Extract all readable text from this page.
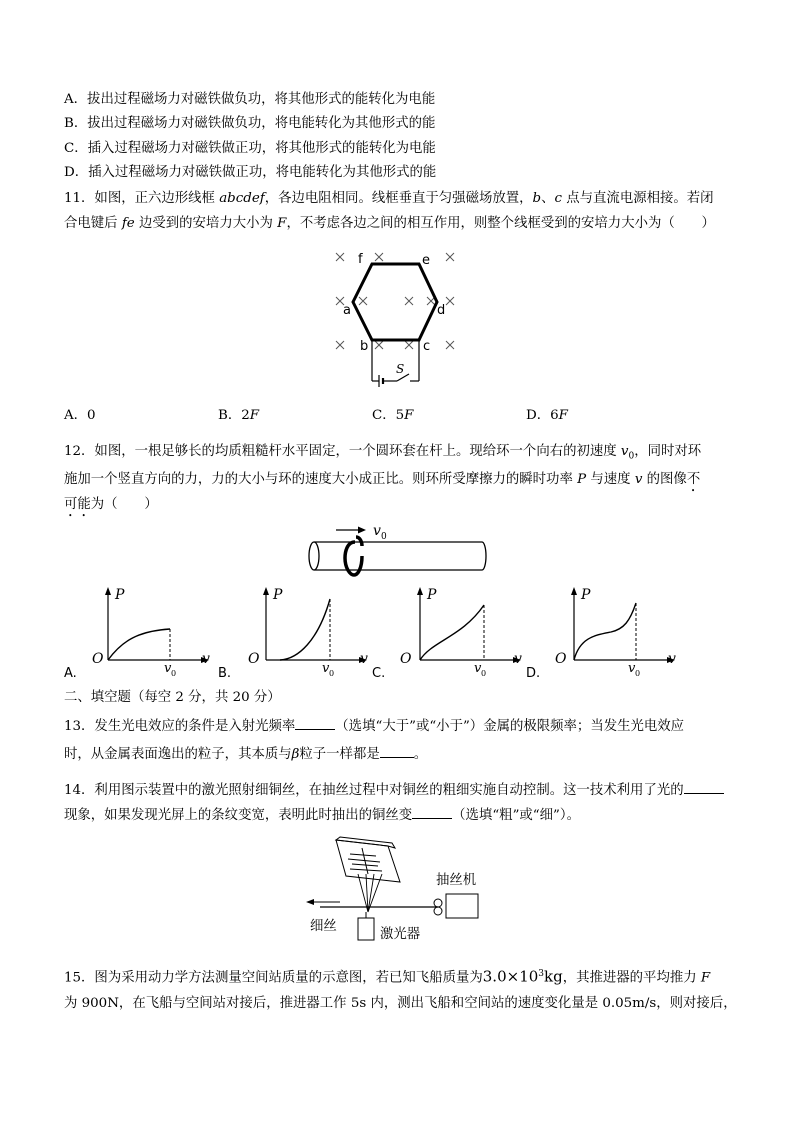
A．拔出过程磁场力对磁铁做负功，将其他形式的能转化为电能
B．拔出过程磁场力对磁铁做负功，将电能转化为其他形式的能
C．插入过程磁场力对磁铁做正功，将其他形式的能转化为电能
D．插入过程磁场力对磁铁做正功，将电能转化为其他形式的能
11．如图，正六边形线框 abcdef，各边电阻相同。线框垂直于匀强磁场放置，b、c 点与直流电源相接。若闭
合电键后 fe 边受到的安培力大小为 F，不考虑各边之间的相互作用，则整个线框受到的安培力大小为（　　）
f	e
a	d
b	c
S
A．0	B．2F	C．5F	D．6F
12．如图，一根足够长的均质粗糙杆水平固定，一个圆环套在杆上。现给环一个向右的初速度 $v_0$，同时对环
施加一个竖直方向的力，力的大小与环的速度大小成正比。则环所受摩擦力的瞬时功率 P 与速度 v 的图像不
可能为（　　）
v 0
P
v
O
v 0
A.
P
v
O
v 0
B.
P
v
O
v 0
C.
P
v
O
v 0
D.
二、填空题（每空 2 分，共 20 分）
13．发生光电效应的条件是入射光频率	（选填“大于”或“小于”）金属的极限频率；当发生光电效应
时，从金属表面逸出的粒子，其本质与β粒子一样都是	。
14．利用图示装置中的激光照射细铜丝，在抽丝过程中对铜丝的粗细实施自动控制。这一技术利用了光的
现象，如果发现光屏上的条纹变宽，表明此时抽出的铜丝变	（选填“粗”或“细”）。
抽丝机
细丝
激光器
15．图为采用动力学方法测量空间站质量的示意图，若已知飞船质量为$3.0\times 10^3kg$，其推进器的平均推力 F
为 900N，在飞船与空间站对接后，推进器工作 5s 内，测出飞船和空间站的速度变化量是 0.05m/s，则对接后，
